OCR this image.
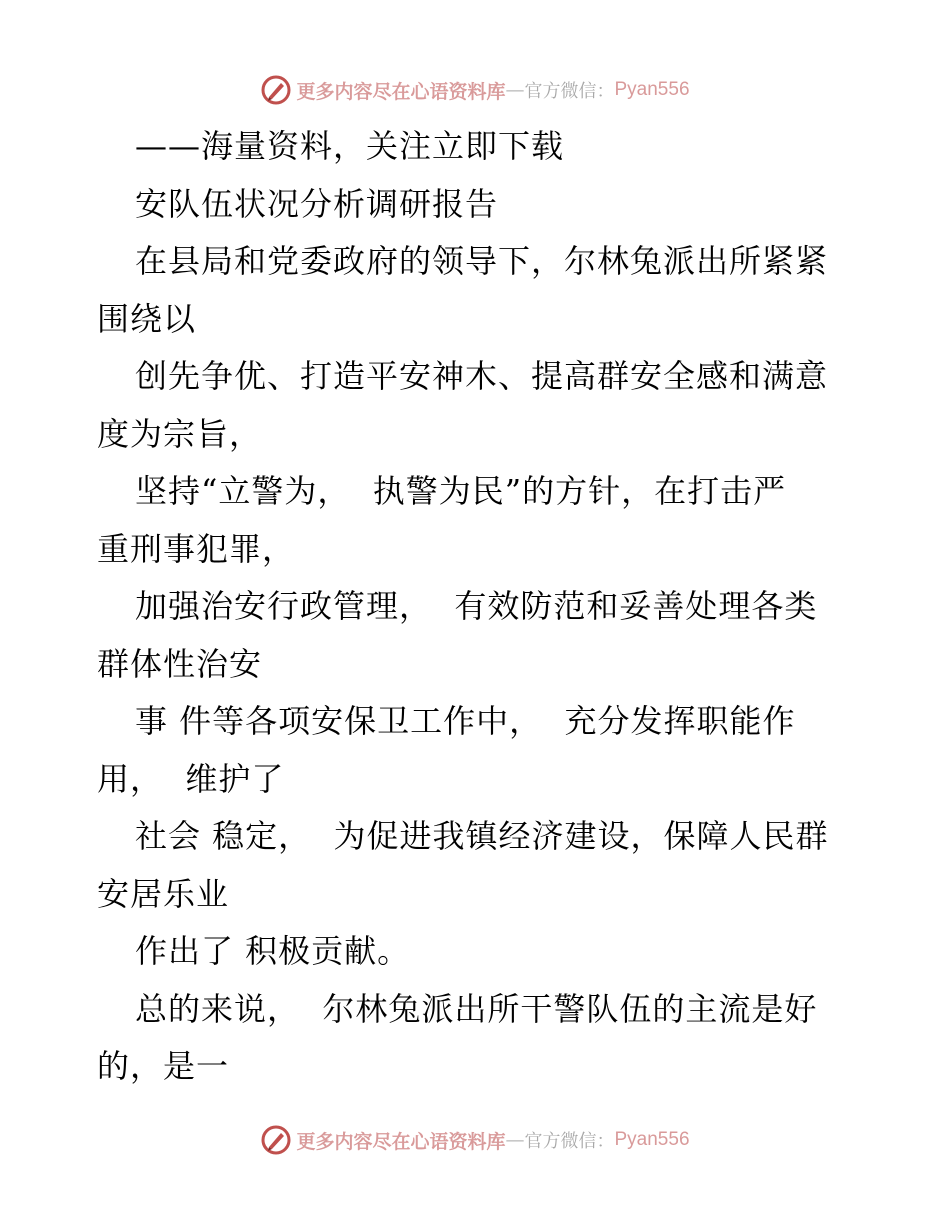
更多内容尽在心语资料库 — 官方微信： Pyan556
——海量资料，关注立即下载
安队伍状况分析调研报告
在县局和党委政府的领导下，尔林兔派出所紧紧
围绕以
创先争优、打造平安神木、提高群安全感和满意
度为宗旨，
坚持“立警为，  执警为民”的方针，在打击严
重刑事犯罪，
加强治安行政管理，  有效防范和妥善处理各类
群体性治安
事 件等各项安保卫工作中，  充分发挥职能作
用，  维护了
社会 稳定，  为促进我镇经济建设，保障人民群
安居乐业
作出了 积极贡献。
总的来说，  尔林兔派出所干警队伍的主流是好
的，是一
更多内容尽在心语资料库 — 官方微信： Pyan556
